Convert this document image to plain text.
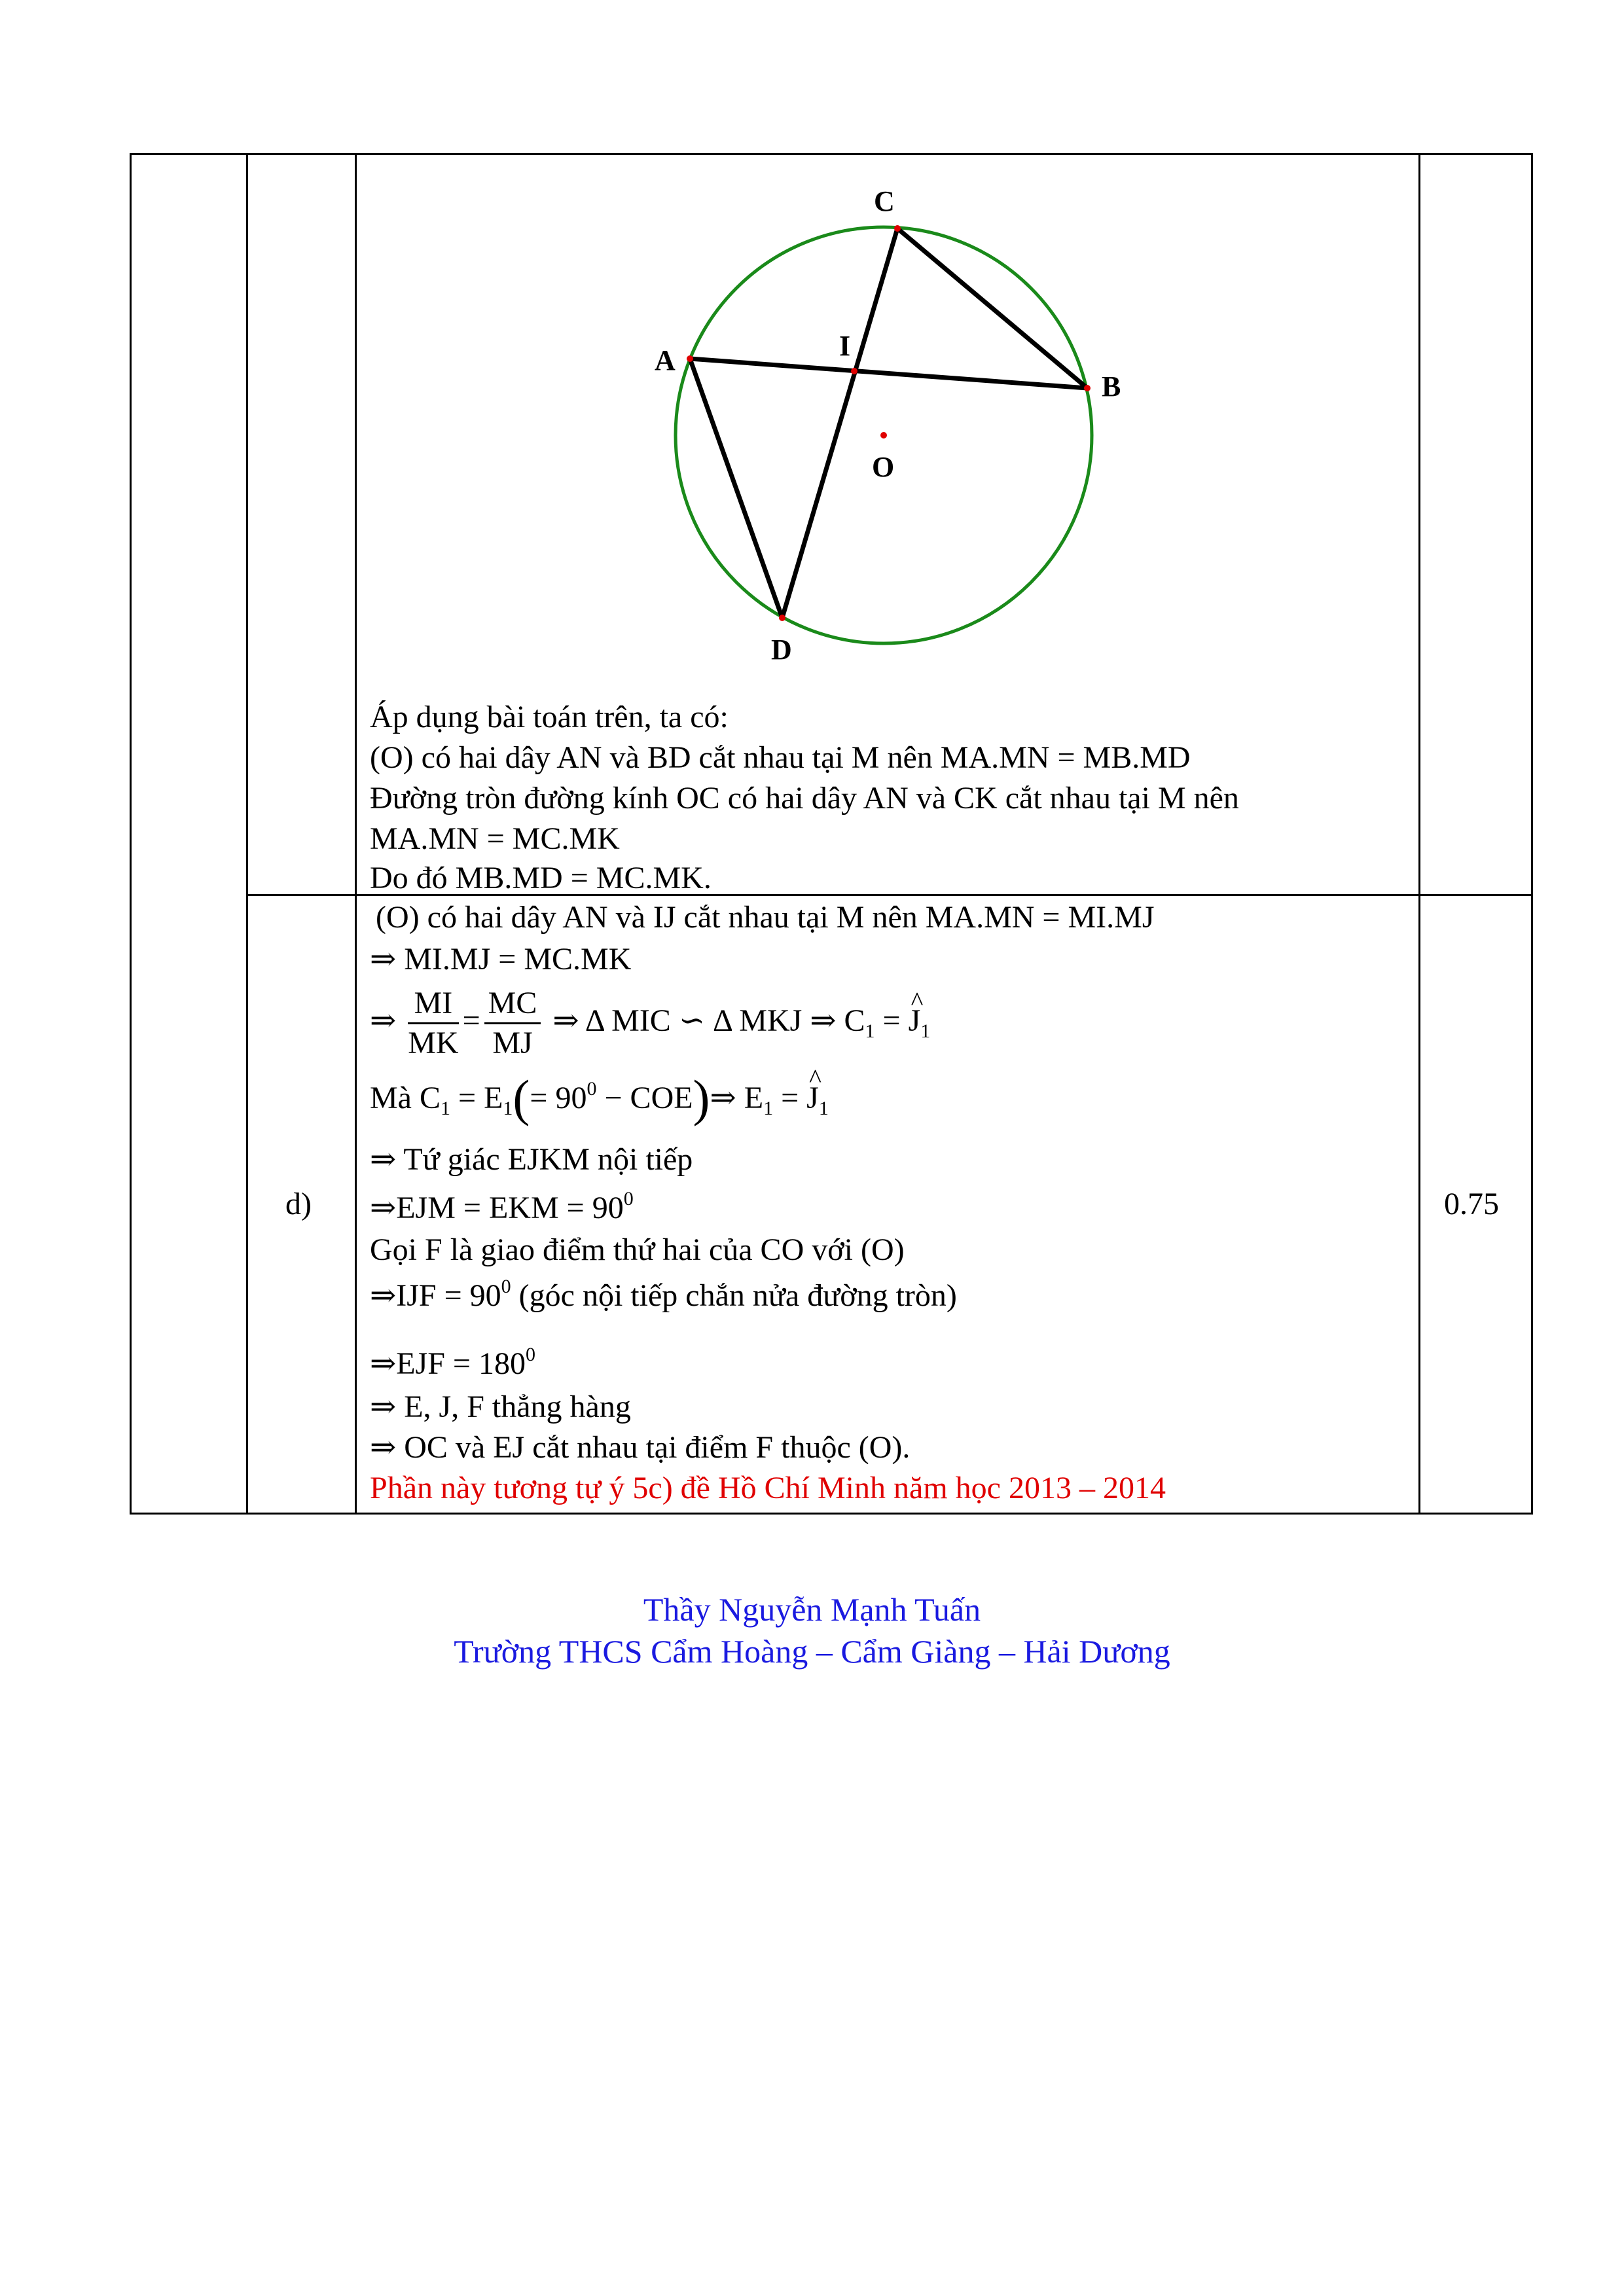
C
A	I
B
O
D
Áp dụng bài toán trên, ta có:
(O) có hai dây AN và BD cắt nhau tại M nên MA.MN = MB.MD
Đường tròn đường kính OC có hai dây AN và CK cắt nhau tại M nên
MA.MN = MC.MK
Do đó MB.MD = MC.MK.
d)	0.75
(O) có hai dây AN và IJ cắt nhau tại M nên MA.MN = MI.MJ
⇒ MI.MJ = MC.MK
⇒ $\frac{MI}{MK} = \frac{MC}{MJ}$ ⇒ Δ MIC ∽ Δ MKJ ⇒ $C_1$ = ^ $J_1$
Mà $C_1 = E_1(= 90^0$ − COE)⇒ $E_1$ = ^ $J_1$
⇒ Tứ giác EJKM nội tiếp
⇒EJM = EKM = $90^0$
Gọi F là giao điểm thứ hai của CO với (O)
⇒IJF = $90^0$ (góc nội tiếp chắn nửa đường tròn)
⇒EJF = $180^0$
⇒ E, J, F thẳng hàng
⇒ OC và EJ cắt nhau tại điểm F thuộc (O).
Phần này tương tự ý 5c) đề Hồ Chí Minh năm học 2013 – 2014
Thầy Nguyễn Mạnh Tuấn
Trường THCS Cẩm Hoàng – Cẩm Giàng – Hải Dương
